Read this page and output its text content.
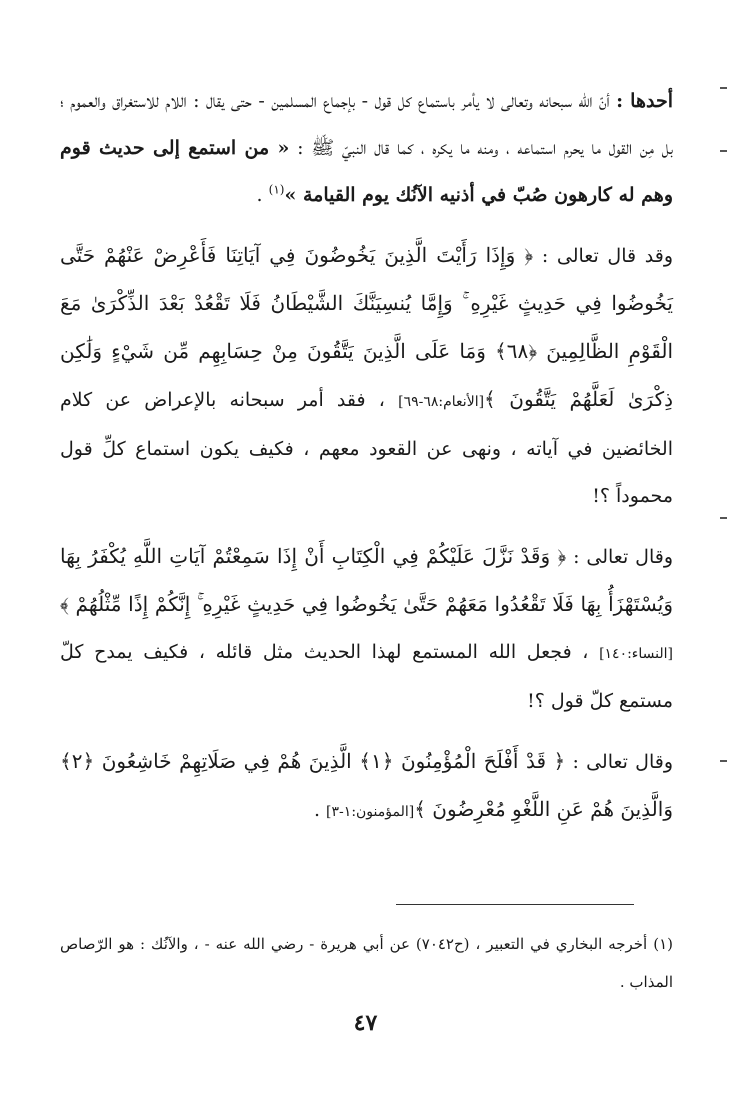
أحدها : أنّ الله سبحانه وتعالى لا يأمر باستماع كل قول - بإجماع المسلمين - حتى يقال : اللام للاستغراق والعموم ؛ بل مِن القول ما يحرم استماعه ، ومنه ما يكره ، كما قال النبيّ ﷺ : « من استمع إلى حديث قوم وهم له كارهون صُبّ في أذنيه الآنُك يوم القيامة »$^{(١)}$ .

وقد قال تعالى : ﴿ وَإِذَا رَأَيْتَ الَّذِينَ يَخُوضُونَ فِي آيَاتِنَا فَأَعْرِضْ عَنْهُمْ حَتَّى يَخُوضُوا فِي حَدِيثٍ غَيْرِهِ ۚ وَإِمَّا يُنسِيَنَّكَ الشَّيْطَانُ فَلَا تَقْعُدْ بَعْدَ الذِّكْرَىٰ مَعَ الْقَوْمِ الظَّالِمِينَ ﴿٦٨﴾ وَمَا عَلَى الَّذِينَ يَتَّقُونَ مِنْ حِسَابِهِم مِّن شَيْءٍ وَلَٰكِن ذِكْرَىٰ لَعَلَّهُمْ يَتَّقُونَ ﴾[الأنعام:٦٨-٦٩] ، فقد أمر سبحانه بالإعراض عن كلام الخائضين في آياته ، ونهى عن القعود معهم ، فكيف يكون استماع كلِّ قول محموداً ؟!

وقال تعالى : ﴿ وَقَدْ نَزَّلَ عَلَيْكُمْ فِي الْكِتَابِ أَنْ إِذَا سَمِعْتُمْ آيَاتِ اللَّهِ يُكْفَرُ بِهَا وَيُسْتَهْزَأُ بِهَا فَلَا تَقْعُدُوا مَعَهُمْ حَتَّىٰ يَخُوضُوا فِي حَدِيثٍ غَيْرِهِ ۚ إِنَّكُمْ إِذًا مِّثْلُهُمْ ﴾[النساء:١٤٠] ، فجعل الله المستمع لهذا الحديث مثل قائله ، فكيف يمدح كلّ مستمع كلّ قول ؟!

وقال تعالى : ﴿ قَدْ أَفْلَحَ الْمُؤْمِنُونَ ﴿١﴾ الَّذِينَ هُمْ فِي صَلَاتِهِمْ خَاشِعُونَ ﴿٢﴾ وَالَّذِينَ هُمْ عَنِ اللَّغْوِ مُعْرِضُونَ ﴾[المؤمنون:١-٣] .

(١) أخرجه البخاري في التعبير ، (ح٧٠٤٢) عن أبي هريرة - رضي الله عنه - ، والآنُك : هو الرّصاص المذاب .

٤٧
